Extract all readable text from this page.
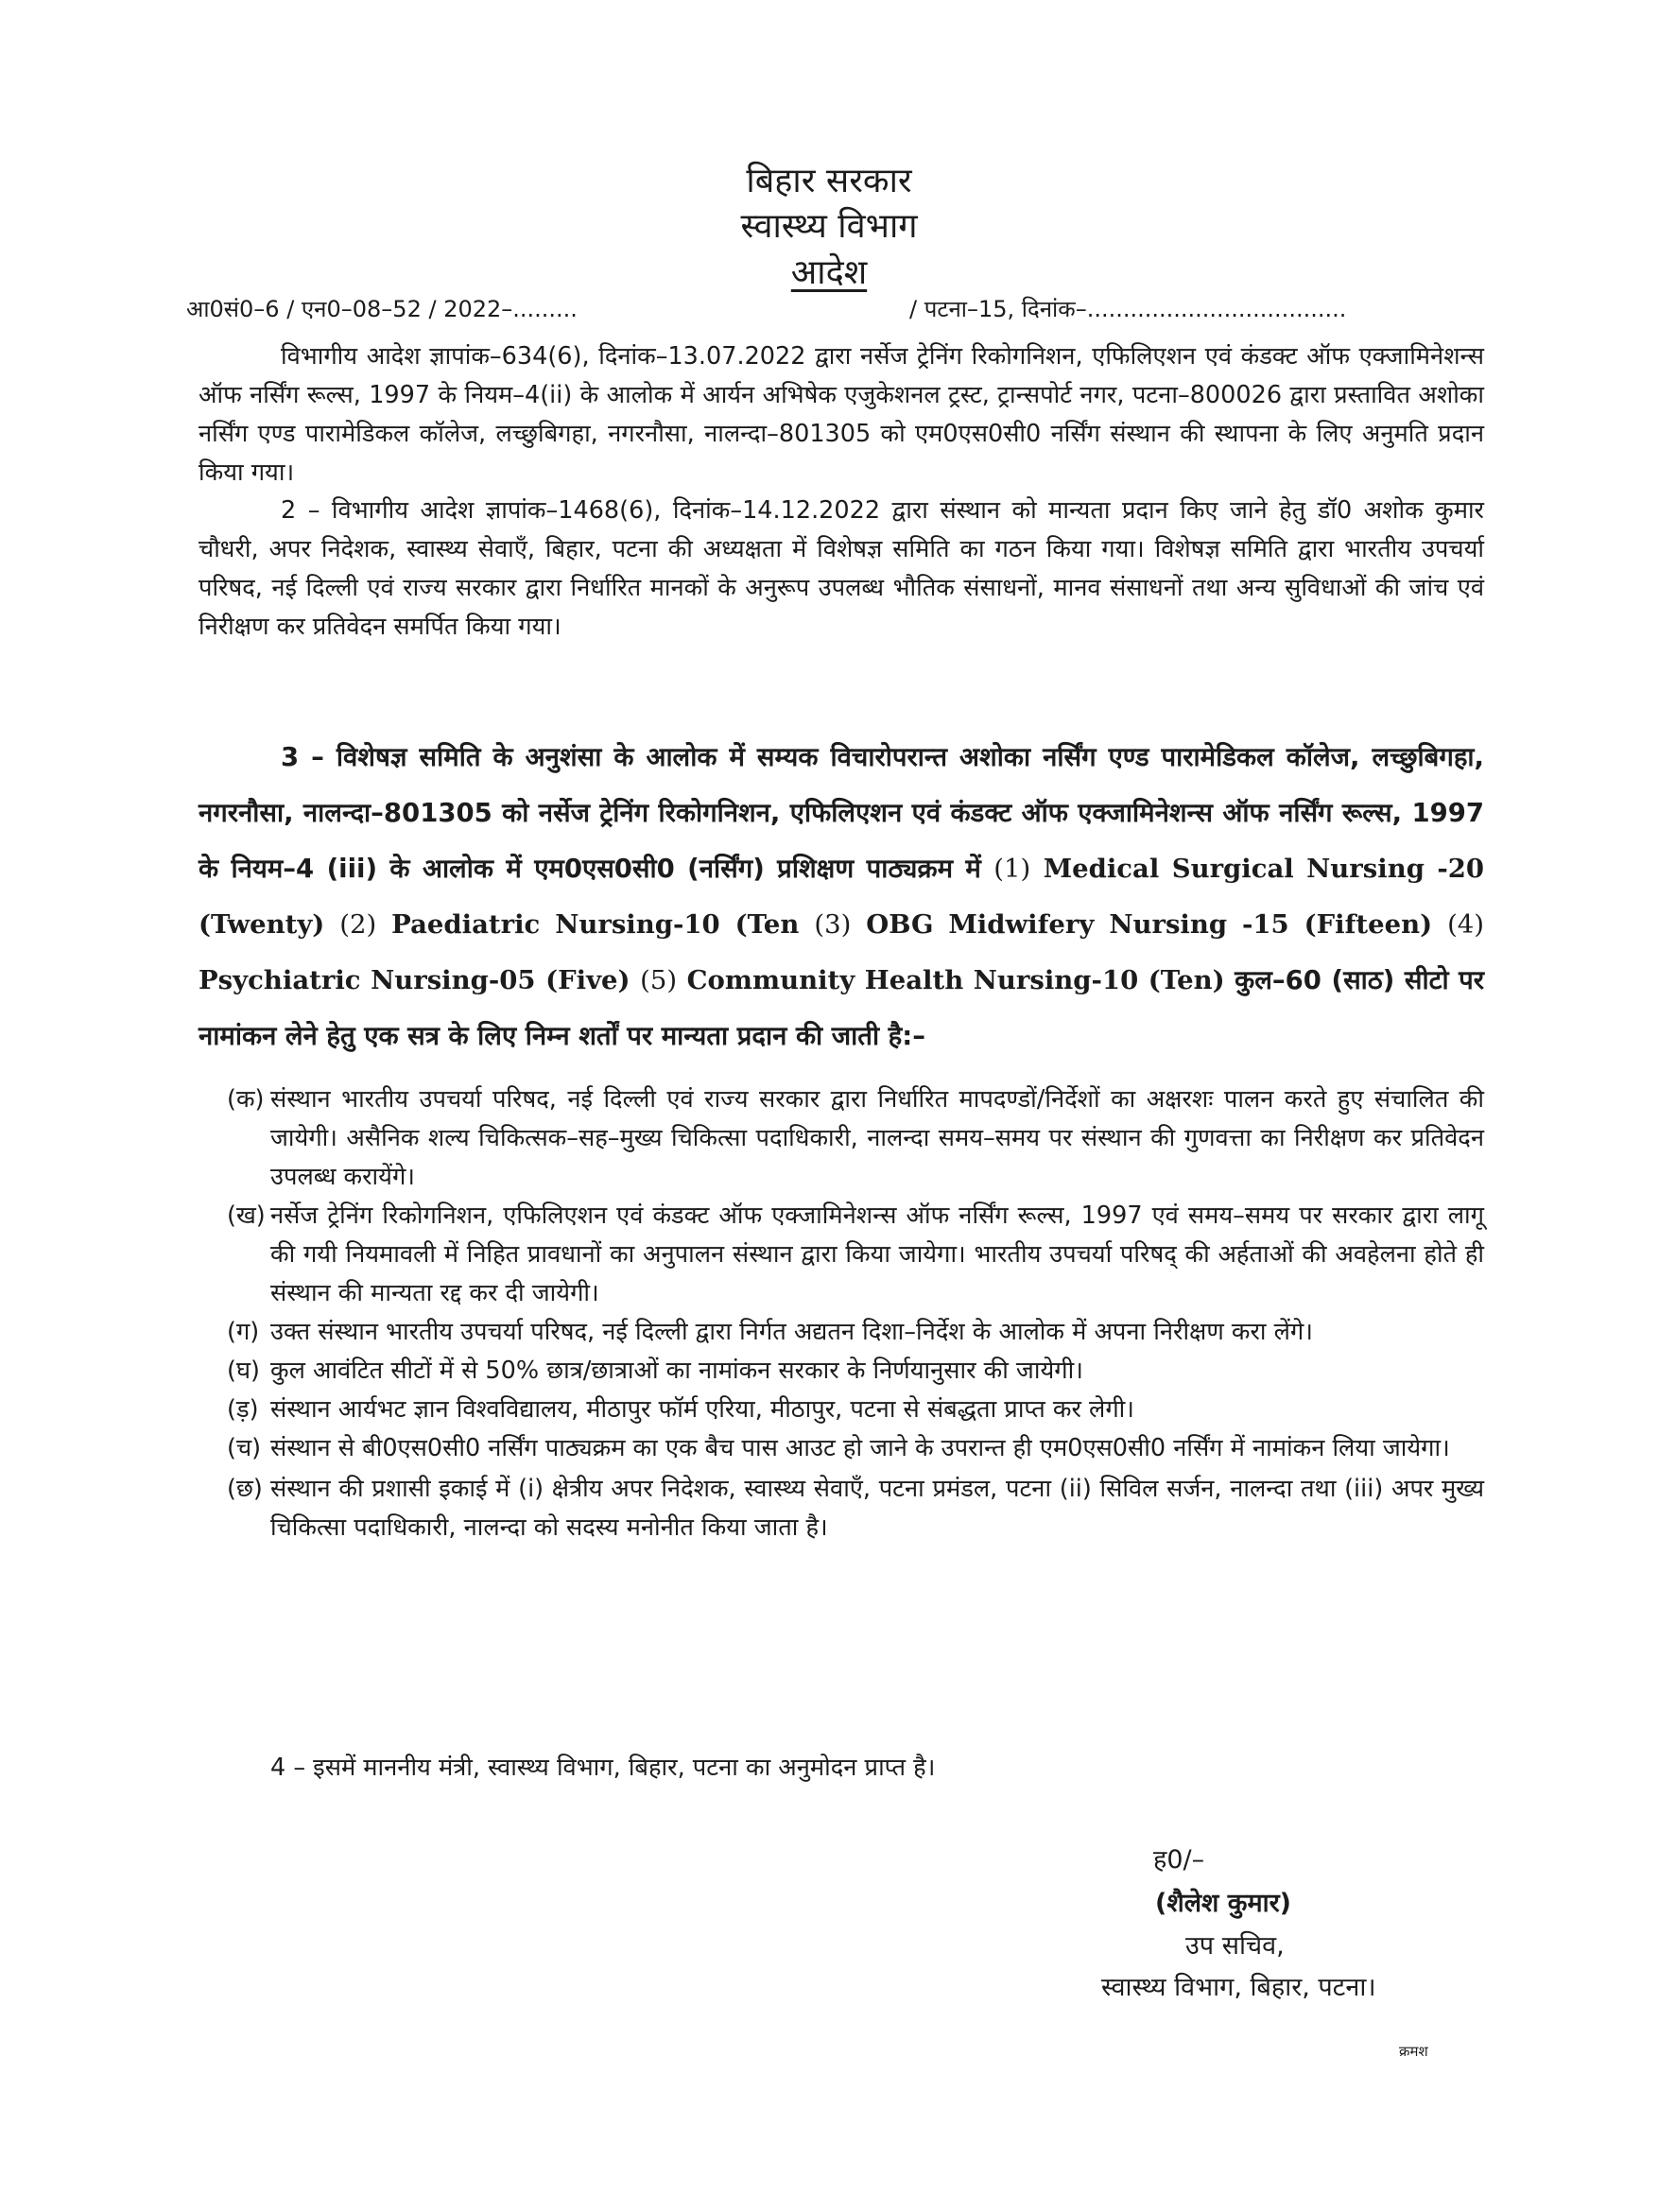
बिहार सरकार
स्वास्थ्य विभाग
आदेश
आ0सं0–6 / एन0–08–52 / 2022–.........	/ पटना–15, दिनांक–....................................
विभागीय आदेश ज्ञापांक–634(6), दिनांक–13.07.2022 द्वारा नर्सेज ट्रेनिंग रिकोगनिशन, एफिलिएशन एवं कंडक्ट ऑफ एक्जामिनेशन्स ऑफ नर्सिंग रूल्स, 1997 के नियम–4(ii) के आलोक में आर्यन अभिषेक एजुकेशनल ट्रस्ट, ट्रान्सपोर्ट नगर, पटना–800026 द्वारा प्रस्तावित अशोका नर्सिंग एण्ड पारामेडिकल कॉलेज, लच्छुबिगहा, नगरनौसा, नालन्दा–801305 को एम0एस0सी0 नर्सिंग संस्थान की स्थापना के लिए अनुमति प्रदान किया गया।
2 – विभागीय आदेश ज्ञापांक–1468(6), दिनांक–14.12.2022 द्वारा संस्थान को मान्यता प्रदान किए जाने हेतु डॉ0 अशोक कुमार चौधरी, अपर निदेशक, स्वास्थ्य सेवाएँ, बिहार, पटना की अध्यक्षता में विशेषज्ञ समिति का गठन किया गया। विशेषज्ञ समिति द्वारा भारतीय उपचर्या परिषद, नई दिल्ली एवं राज्य सरकार द्वारा निर्धारित मानकों के अनुरूप उपलब्ध भौतिक संसाधनों, मानव संसाधनों तथा अन्य सुविधाओं की जांच एवं निरीक्षण कर प्रतिवेदन समर्पित किया गया।
3 – विशेषज्ञ समिति के अनुशंसा के आलोक में सम्यक विचारोपरान्त अशोका नर्सिंग एण्ड पारामेडिकल कॉलेज, लच्छुबिगहा, नगरनौसा, नालन्दा–801305 को नर्सेज ट्रेनिंग रिकोगनिशन, एफिलिएशन एवं कंडक्ट ऑफ एक्जामिनेशन्स ऑफ नर्सिंग रूल्स, 1997 के नियम–4 (iii) के आलोक में एम0एस0सी0 (नर्सिंग) प्रशिक्षण पाठ्यक्रम में (1) Medical Surgical Nursing -20 (Twenty) (2) Paediatric Nursing-10 (Ten (3) OBG Midwifery Nursing -15 (Fifteen) (4) Psychiatric Nursing-05 (Five) (5) Community Health Nursing-10 (Ten) कुल–60 (साठ) सीटो पर नामांकन लेने हेतु एक सत्र के लिए निम्न शर्तों पर मान्यता प्रदान की जाती है:–
(क) संस्थान भारतीय उपचर्या परिषद, नई दिल्ली एवं राज्य सरकार द्वारा निर्धारित मापदण्डों/निर्देशों का अक्षरशः पालन करते हुए संचालित की जायेगी। असैनिक शल्य चिकित्सक–सह–मुख्य चिकित्सा पदाधिकारी, नालन्दा समय–समय पर संस्थान की गुणवत्ता का निरीक्षण कर प्रतिवेदन उपलब्ध करायेंगे।
(ख) नर्सेज ट्रेनिंग रिकोगनिशन, एफिलिएशन एवं कंडक्ट ऑफ एक्जामिनेशन्स ऑफ नर्सिंग रूल्स, 1997 एवं समय–समय पर सरकार द्वारा लागू की गयी नियमावली में निहित प्रावधानों का अनुपालन संस्थान द्वारा किया जायेगा। भारतीय उपचर्या परिषद् की अर्हताओं की अवहेलना होते ही संस्थान की मान्यता रद्द कर दी जायेगी।
(ग) उक्त संस्थान भारतीय उपचर्या परिषद, नई दिल्ली द्वारा निर्गत अद्यतन दिशा–निर्देश के आलोक में अपना निरीक्षण करा लेंगे।
(घ) कुल आवंटित सीटों में से 50% छात्र/छात्राओं का नामांकन सरकार के निर्णयानुसार की जायेगी।
(ड़) संस्थान आर्यभट ज्ञान विश्वविद्यालय, मीठापुर फॉर्म एरिया, मीठापुर, पटना से संबद्धता प्राप्त कर लेगी।
(च) संस्थान से बी0एस0सी0 नर्सिंग पाठ्यक्रम का एक बैच पास आउट हो जाने के उपरान्त ही एम0एस0सी0 नर्सिंग में नामांकन लिया जायेगा।
(छ) संस्थान की प्रशासी इकाई में (i) क्षेत्रीय अपर निदेशक, स्वास्थ्य सेवाएँ, पटना प्रमंडल, पटना (ii) सिविल सर्जन, नालन्दा तथा (iii) अपर मुख्य चिकित्सा पदाधिकारी, नालन्दा को सदस्य मनोनीत किया जाता है।
4 – इसमें माननीय मंत्री, स्वास्थ्य विभाग, बिहार, पटना का अनुमोदन प्राप्त है।
ह0/–
(शैलेश कुमार)
उप सचिव,
स्वास्थ्य विभाग, बिहार, पटना।
क्रमश
